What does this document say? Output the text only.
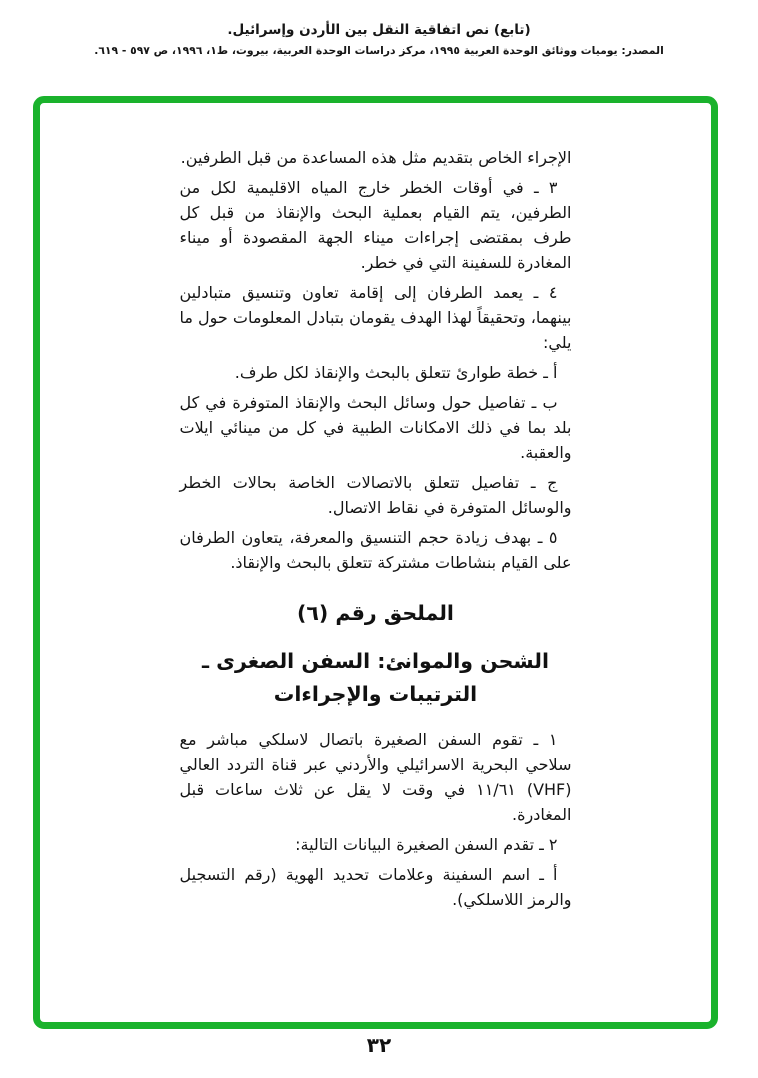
(تابع) نص اتفاقية النقل بين الأردن وإسرائيل.
المصدر: يوميات ووثائق الوحدة العربية ١٩٩٥، مركز دراسات الوحدة العربية، بيروت، ط١، ١٩٩٦، ص ٥٩٧ - ٦١٩.

الإجراء الخاص بتقديم مثل هذه المساعدة من قبل الطرفين.

٣ ـ في أوقات الخطر خارج المياه الاقليمية لكل من الطرفين، يتم القيام بعملية البحث والإنقاذ من قبل كل طرف بمقتضى إجراءات ميناء الجهة المقصودة أو ميناء المغادرة للسفينة التي في خطر.

٤ ـ يعمد الطرفان إلى إقامة تعاون وتنسيق متبادلين بينهما، وتحقيقاً لهذا الهدف يقومان بتبادل المعلومات حول ما يلي:

أ ـ خطة طوارئ تتعلق بالبحث والإنقاذ لكل طرف.

ب ـ تفاصيل حول وسائل البحث والإنقاذ المتوفرة في كل بلد بما في ذلك الامكانات الطبية في كل من مينائي ايلات والعقبة.

ج ـ تفاصيل تتعلق بالاتصالات الخاصة بحالات الخطر والوسائل المتوفرة في نقاط الاتصال.

٥ ـ بهدف زيادة حجم التنسيق والمعرفة، يتعاون الطرفان على القيام بنشاطات مشتركة تتعلق بالبحث والإنقاذ.

الملحق رقم (٦)
الشحن والموانئ: السفن الصغرى ـ
الترتيبات والإجراءات

١ ـ تقوم السفن الصغيرة باتصال لاسلكي مباشر مع سلاحي البحرية الاسرائيلي والأردني عبر قناة التردد العالي (VHF) ١١/٦١ في وقت لا يقل عن ثلاث ساعات قبل المغادرة.

٢ ـ تقدم السفن الصغيرة البيانات التالية:

أ ـ اسم السفينة وعلامات تحديد الهوية (رقم التسجيل والرمز اللاسلكي).

٣٢
